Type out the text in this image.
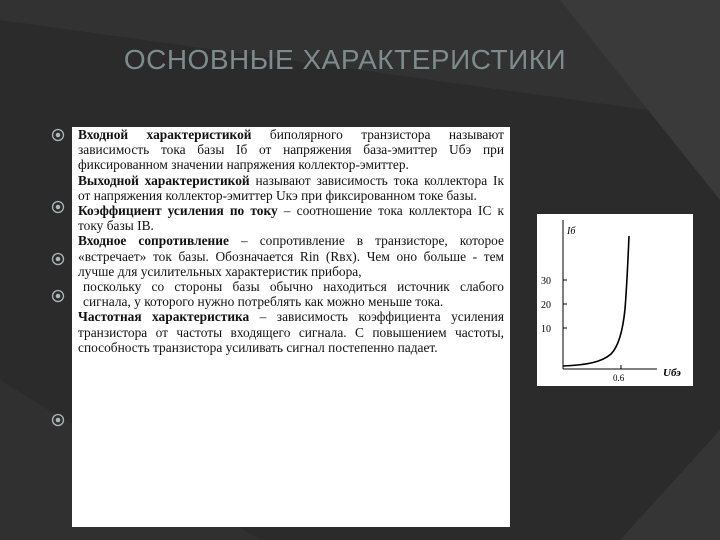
ОСНОВНЫЕ ХАРАКТЕРИСТИКИ
Входной характеристикой биполярного транзистора называют зависимость тока базы Iб от напряжения база-эмиттер Uбэ при фиксированном значении напряжения коллектор-эмиттер.
Выходной характеристикой называют зависимость тока коллектора Iк от напряжения коллектор-эмиттер Uкэ при фиксированном токе базы.
Коэффициент усиления по току – соотношение тока коллектора IC к току базы IB.
Входное сопротивление – сопротивление в транзисторе, которое «встречает» ток базы. Обозначается Rin (Rвх). Чем оно больше - тем лучше для усилительных характеристик прибора,
поскольку со стороны базы обычно находиться источник слабого сигнала, у которого нужно потреблять как можно меньше тока.
Частотная характеристика – зависимость коэффициента усиления транзистора от частоты входящего сигнала. С повышением частоты, способность транзистора усиливать сигнал постепенно падает.
Iб
30
20
10
0.6	Uбэ
